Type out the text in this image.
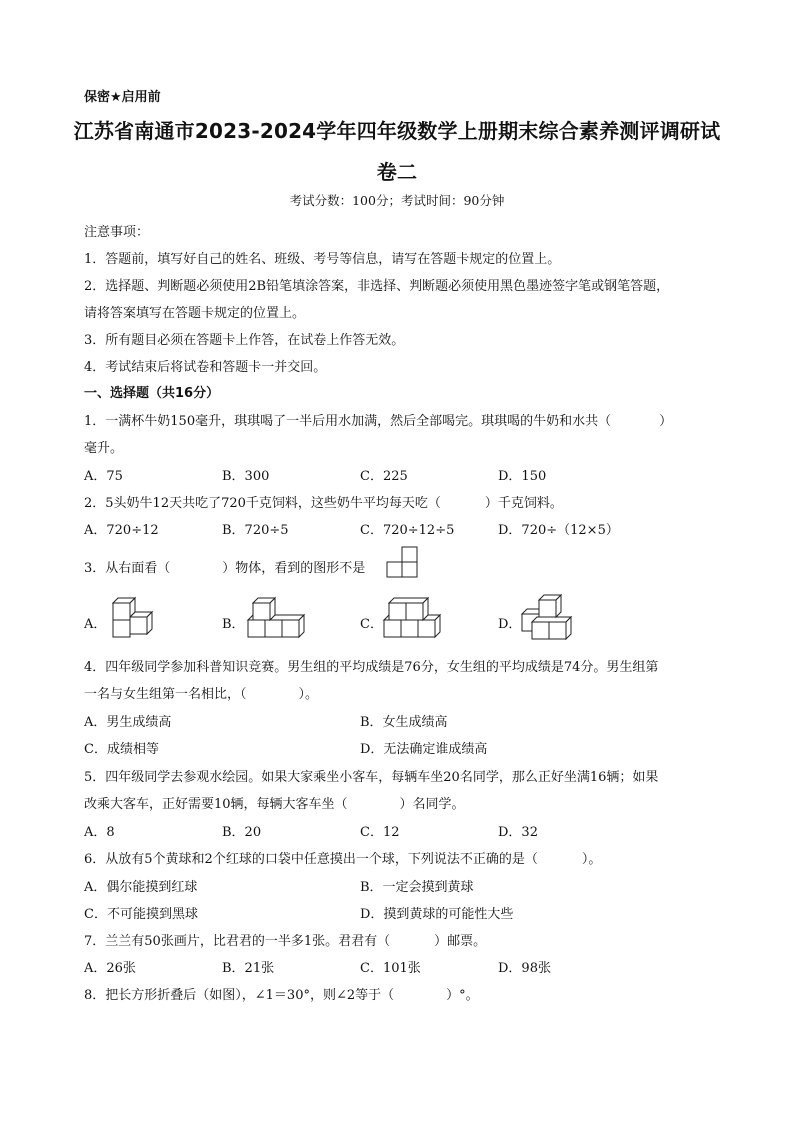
保密★启用前
江苏省南通市2023-2024学年四年级数学上册期末综合素养测评调研试
卷二
考试分数：100分；考试时间：90分钟
注意事项：
1．答题前，填写好自己的姓名、班级、考号等信息，请写在答题卡规定的位置上。
2．选择题、判断题必须使用2B铅笔填涂答案，非选择、判断题必须使用黑色墨迹签字笔或钢笔答题，
请将答案填写在答题卡规定的位置上。
3．所有题目必须在答题卡上作答，在试卷上作答无效。
4．考试结束后将试卷和答题卡一并交回。
一、选择题（共16分）
1．一满杯牛奶150毫升，琪琪喝了一半后用水加满，然后全部喝完。琪琪喝的牛奶和水共（	）
毫升。
A．75	B．300	C．225	D．150
2．5头奶牛12天共吃了720千克饲料，这些奶牛平均每天吃（	）千克饲料。
A．720÷12	B．720÷5	C．720÷12÷5	D．720÷（12×5）
3．从右面看（	）物体，看到的图形不是
A．	B．	C．	D．
4．四年级同学参加科普知识竞赛。男生组的平均成绩是76分，女生组的平均成绩是74分。男生组第
一名与女生组第一名相比，（	）。
A．男生成绩高	B．女生成绩高
C．成绩相等	D．无法确定谁成绩高
5．四年级同学去参观水绘园。如果大家乘坐小客车，每辆车坐20名同学，那么正好坐满16辆；如果
改乘大客车，正好需要10辆，每辆大客车坐（	）名同学。
A．8	B．20	C．12	D．32
6．从放有5个黄球和2个红球的口袋中任意摸出一个球，下列说法不正确的是（	）。
A．偶尔能摸到红球	B．一定会摸到黄球
C．不可能摸到黑球	D．摸到黄球的可能性大些
7．兰兰有50张画片，比君君的一半多1张。君君有（	）邮票。
A．26张	B．21张	C．101张	D．98张
8．把长方形折叠后（如图），∠1＝30°，则∠2等于（	）°。
